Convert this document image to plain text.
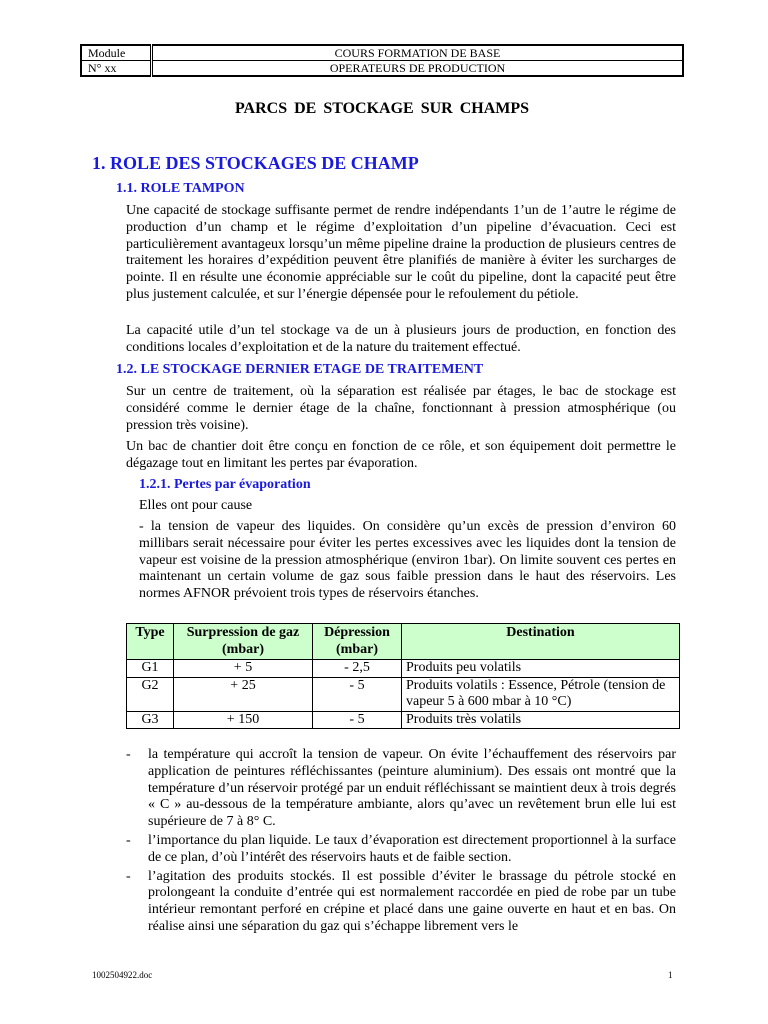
Module	COURS FORMATION DE BASE
N° xx	OPERATEURS DE PRODUCTION
PARCS DE STOCKAGE SUR CHAMPS
1. ROLE DES STOCKAGES DE CHAMP
1.1. ROLE TAMPON

Une capacité de stockage suffisante permet de rendre indépendants 1’un de 1’autre le régime de production d’un champ et le régime d’exploitation d’un pipeline d’évacuation. Ceci est particulièrement avantageux lorsqu’un même pipeline draine la production de plusieurs centres de traitement les horaires d’expédition peuvent être planifiés de manière à éviter les surcharges de pointe. Il en résulte une économie appréciable sur le coût du pipeline, dont la capacité peut être plus justement calculée, et sur l’énergie dépensée pour le refoulement du pétiole.

La capacité utile d’un tel stockage va de un à plusieurs jours de production, en fonction des conditions locales d’exploitation et de la nature du traitement effectué.

1.2. LE STOCKAGE DERNIER ETAGE DE TRAITEMENT

Sur un centre de traitement, où la séparation est réalisée par étages, le bac de stockage est considéré comme le dernier étage de la chaîne, fonctionnant à pression atmosphérique (ou pression très voisine).

Un bac de chantier doit être conçu en fonction de ce rôle, et son équipement doit permettre le dégazage tout en limitant les pertes par évaporation.

1.2.1. Pertes par évaporation

Elles ont pour cause

- la tension de vapeur des liquides. On considère qu’un excès de pression d’environ 60 millibars serait nécessaire pour éviter les pertes excessives avec les liquides dont la tension de vapeur est voisine de la pression atmosphérique (environ 1bar). On limite souvent ces pertes en maintenant un certain volume de gaz sous faible pression dans le haut des réservoirs. Les normes AFNOR prévoient trois types de réservoirs étanches.

Type	Surpression de gaz (mbar)	Dépression (mbar)	Destination
G1	+ 5	- 2,5	Produits peu volatils
G2	+ 25	- 5	Produits volatils : Essence, Pétrole (tension de vapeur 5 à 600 mbar à 10 °C)
G3	+ 150	- 5	Produits très volatils
- la température qui accroît la tension de vapeur. On évite l’échauffement des réservoirs par application de peintures réfléchissantes (peinture aluminium). Des essais ont montré que la température d’un réservoir protégé par un enduit réfléchissant se maintient deux à trois degrés « C » au-dessous de la température ambiante, alors qu’avec un revêtement brun elle lui est supérieure de 7 à 8° C.
- l’importance du plan liquide. Le taux d’évaporation est directement proportionnel à la surface de ce plan, d’où l’intérêt des réservoirs hauts et de faible section.
- l’agitation des produits stockés. Il est possible d’éviter le brassage du pétrole stocké en prolongeant la conduite d’entrée qui est normalement raccordée en pied de robe par un tube intérieur remontant perforé en crépine et placé dans une gaine ouverte en haut et en bas. On réalise ainsi une séparation du gaz qui s’échappe librement vers le
1002504922.doc	1
